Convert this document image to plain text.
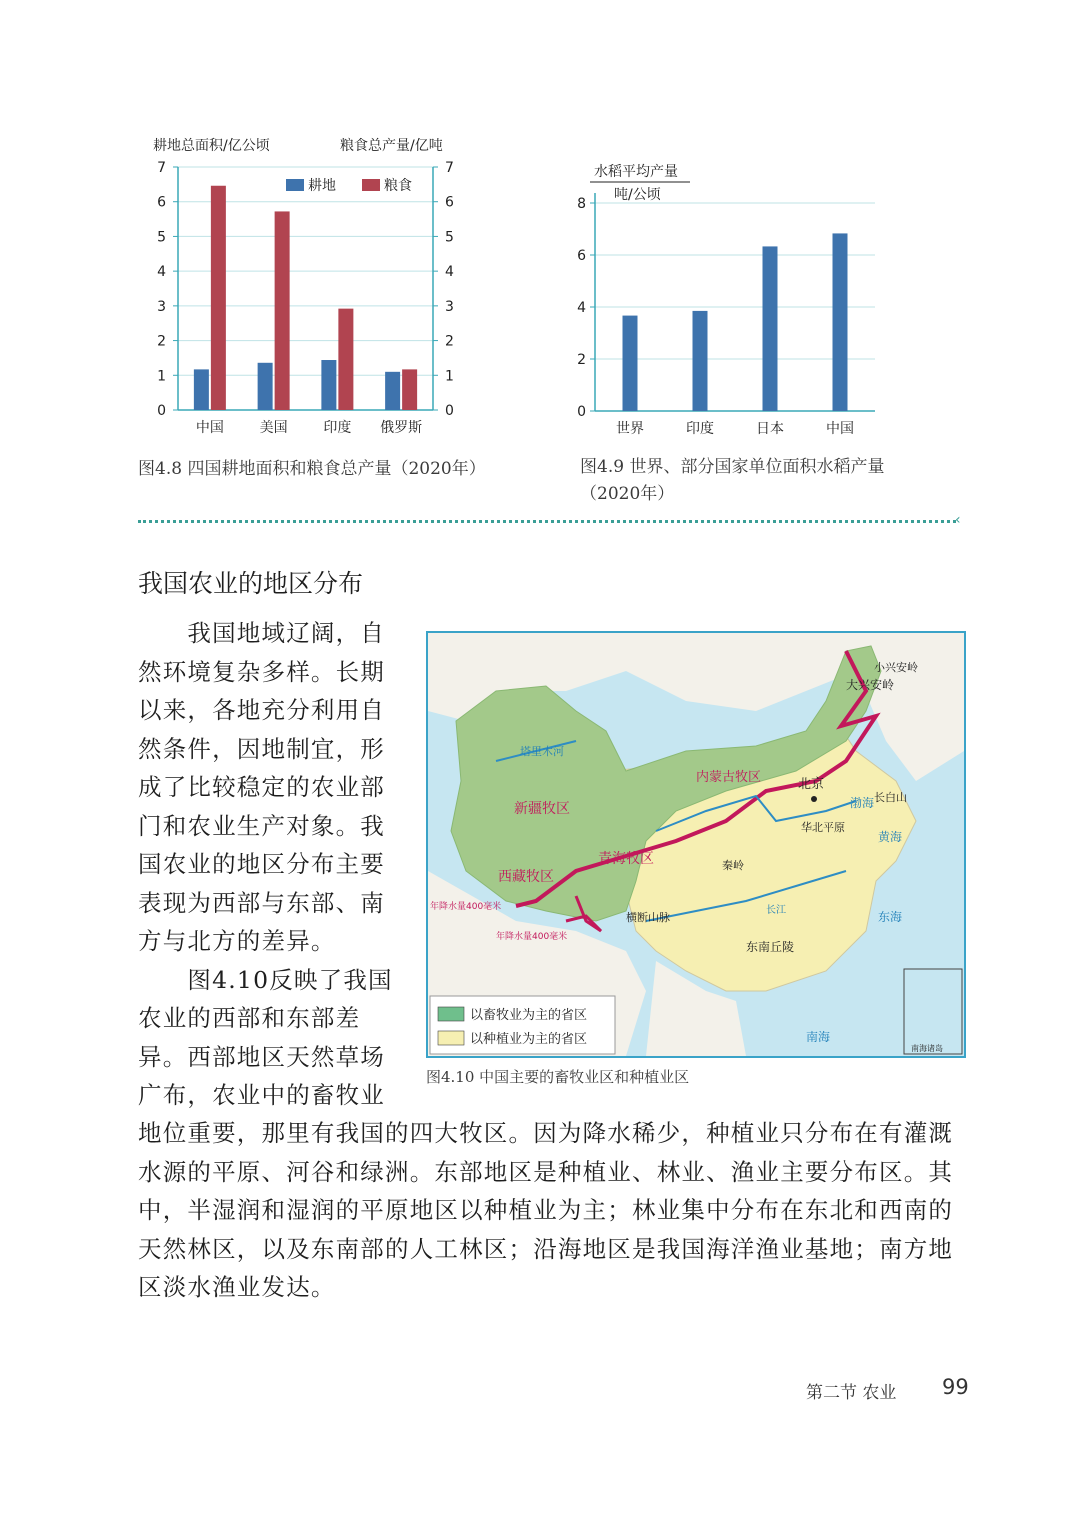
耕地总面积/亿公顷	粮食总产量/亿吨
0	0
1	1
2	2
3	3
4	4
5	5
6	6
7	7
中国	美国	印度 俄罗斯
耕地	粮食
图4.8 四国耕地面积和粮食总产量（2020年）
水稻平均产量
吨/公顷
0
2
4
6
8
世界	印度	日本	中国
图4.9 世界、部分国家单位面积水稻产量（2020年）
‹
我国农业的地区分布
　　我国地域辽阔，自
然环境复杂多样。长期
以来，各地充分利用自
然条件，因地制宜，形
成了比较稳定的农业部
门和农业生产对象。我
国农业的地区分布主要
表现为西部与东部、南
方与北方的差异。
　　图4.10反映了我国
农业的西部和东部差
异。西部地区天然草场
广布，农业中的畜牧业
地位重要，那里有我国的四大牧区。因为降水稀少，种植业只分布在有灌溉
水源的平原、河谷和绿洲。东部地区是种植业、林业、渔业主要分布区。其
中，半湿润和湿润的平原地区以种植业为主；林业集中分布在东北和西南的
天然林区，以及东南部的人工林区；沿海地区是我国海洋渔业基地；南方地
区淡水渔业发达。
以畜牧业为主的省区
以种植业为主的省区
新疆牧区
青海牧区
西藏牧区
内蒙古牧区
塔里木河
北京
大兴安岭
小兴安岭
长白山
华北平原
秦岭
横断山脉
东南丘陵
长江
渤海
黄海
东海
南海
年降水量400毫米
年降水量400毫米
南海诸岛
图4.10 中国主要的畜牧业区和种植业区
第二节 农业 99
